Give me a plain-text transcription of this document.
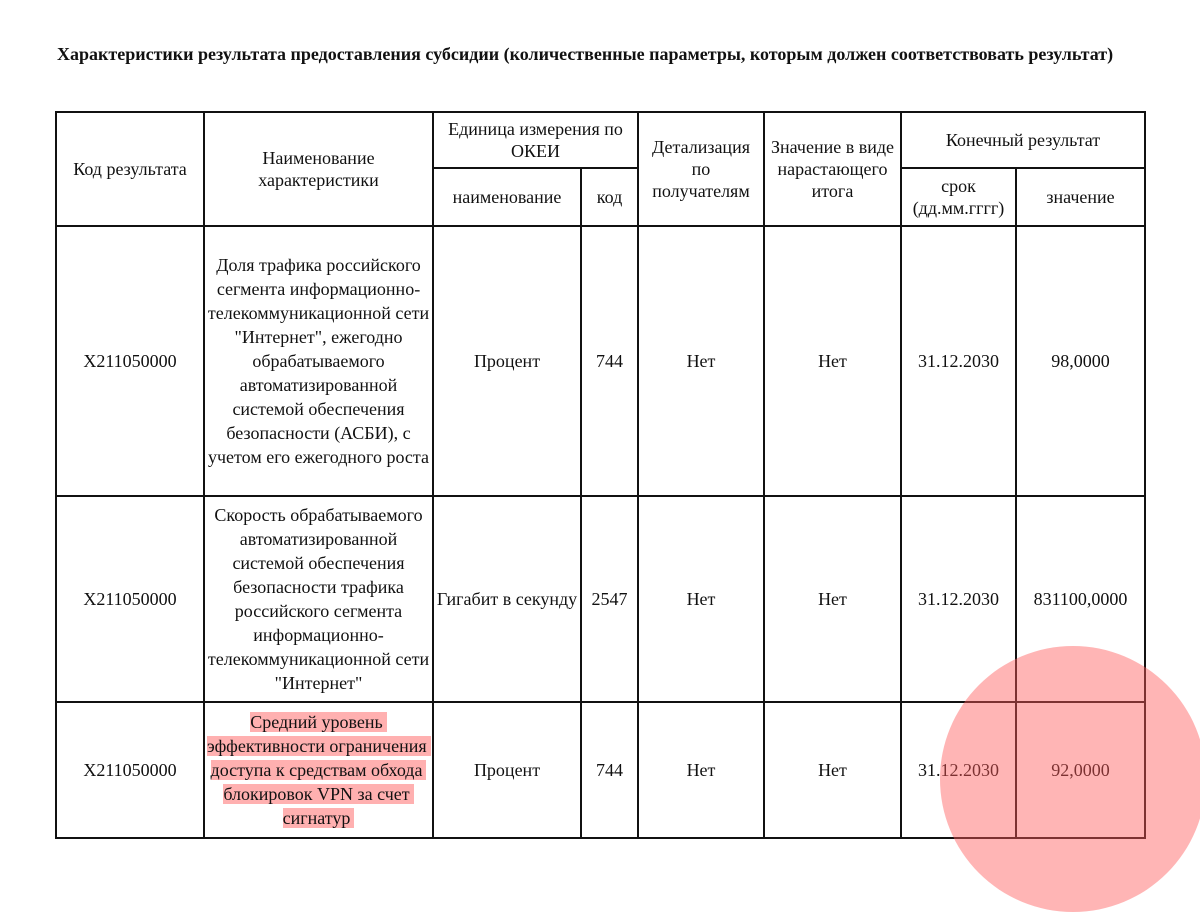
Характеристики результата предоставления субсидии (количественные параметры, которым должен соответствовать результат)
Код результата	Наименование характеристики	Единица измерения по ОКЕИ		Детализация по получателям	Значение в виде нарастающего итога	Конечный результат	
		наименование	код			срок (дд.мм.гггг)	значение
X211050000	Доля трафика российского сегмента информационно-телекоммуникационной сети "Интернет", ежегодно обрабатываемого автоматизированной системой обеспечения безопасности (АСБИ), с учетом его ежегодного роста	Процент	744	Нет	Нет	31.12.2030	98,0000
X211050000	Скорость обрабатываемого автоматизированной системой обеспечения безопасности трафика российского сегмента информационно-телекоммуникационной сети "Интернет"	Гигабит в секунду	2547	Нет	Нет	31.12.2030	831100,0000
X211050000	Средний уровень эффективности ограничения доступа к средствам обхода блокировок VPN за счет сигнатур	Процент	744	Нет	Нет	31.12.2030	92,0000
